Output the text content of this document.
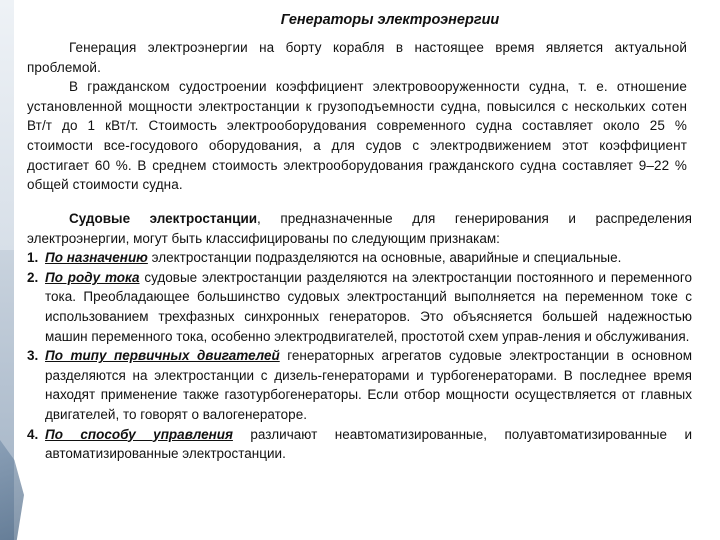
Генераторы электроэнергии

Генерация электроэнергии на борту корабля в настоящее время является актуальной проблемой.

В гражданском судостроении коэффициент электровооруженности судна, т. е. отношение установленной мощности электростанции к грузоподъемности судна, повысился с нескольких сотен Вт/т до 1 кВт/т. Стоимость электрооборудования современного судна составляет около 25 % стоимости все-госудового оборудования, а для судов с электродвижением этот коэффициент достигает 60 %. В среднем стоимость электрооборудования гражданского судна составляет 9–22 % общей стоимости судна.

Судовые электростанции, предназначенные для генерирования и распределения электроэнергии, могут быть классифицированы по следующим признакам:

1. По назначению электростанции подразделяются на основные, аварийные и специальные.

2. По роду тока судовые электростанции разделяются на электростанции постоянного и переменного тока. Преобладающее большинство судовых электростанций выполняется на переменном токе с использованием трехфазных синхронных генераторов. Это объясняется большей надежностью машин переменного тока, особенно электродвигателей, простотой схем управ-ления и обслуживания.

3. По типу первичных двигателей генераторных агрегатов судовые электростанции в основном разделяются на электростанции с дизель-генераторами и турбогенераторами. В последнее время находят применение также газотурбогенераторы. Если отбор мощности осуществляется от главных двигателей, то говорят о валогенераторе.

4. По способу управления различают неавтоматизированные, полуавтоматизированные и автоматизированные электростанции.
